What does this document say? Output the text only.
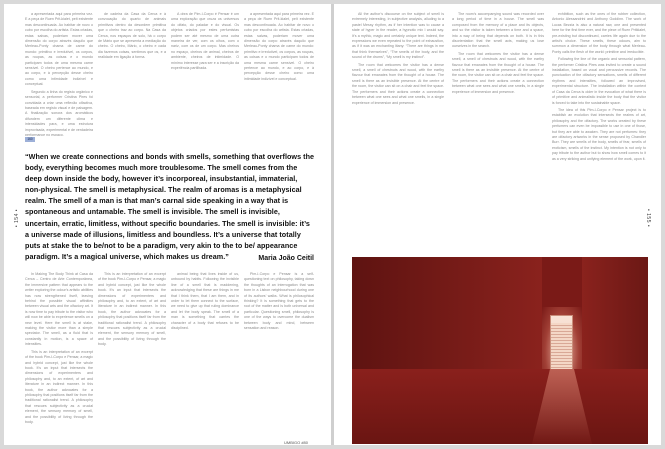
• 154 •

a apresentada aqui para primeira vez. E a peça de Ruen Prit-kialet, pelt existente mas descontinuada. Ao habitar de novo o cubo por escolha do artista. Estas criadas, estas salvas, poderiam mover uma dimensão do corpo através daquilo que Merleau-Ponty chama de carne do mundo: primitivo e irredutível, os corpos, as roupas, as coisas e o mundo participam todos de uma mesma carne sensível. O cheiro pertence ao mundo, e ao corpo, e à percepção desse cheiro como uma intimidade indizível e conceptual.

Segundo a linha do registo orgânico e sensorial, a performer Cristina Pires foi convidada a criar uma reflexão olfactiva, baseada em registo visual e de paisagem. A finalização sonora dos aromáticos difundem um diferente clima e intensidades para, e uma estrutura improvisada, experimental e de verdadeira performance no espaço.

de cadeira da Casa da Cerca e à convocação do quarto de animais primitivos dentro da desordem primitiva que o cheiro traz ao corpo. Na Casa da Cerca, nos espaços de solo, há o corpo de Mário que se apresenta a mediação do cheiro. O cheiro, Mário, o cheiro e cada dia fazemos coisas, sentimos que os, e a realidade em ligação à forma.

A obra de Pim-I-Corpo é Pensar é um uma exploração que cruza os universos do olfato, do paladar e do visual. Os objetos criados por estes perfumistas podem ser até mesmo de uma outra maneira de ver, com os olhos, com o nariz, com os de um corpo. Mas cheiros no espaço, cheiros de animal, cheiros de ambiente, cheiros de intimidade. O mínimo interesse para ser e a inscrição da experiência partilhada.

a apresentada aqui para primeira vez. E a peça de Ruen Prit-kialet, pelt existente mas descontinuada. Ao habitar de novo o cubo por escolha do artista. Estas criadas, estas salvas, poderiam mover uma dimensão do corpo através daquilo que Merleau-Ponty chama de carne do mundo: primitivo e irredutível, os corpos, as roupas, as coisas e o mundo participam todos de uma mesma carne sensível. O cheiro pertence ao mundo, e ao corpo, e à percepção desse cheiro como uma intimidade indizível e conceptual.

160
“When we create connections and bonds with smells, something that overflows the body, everything becomes much more troublesome. The smell comes from the deep down inside the body, however it’s incorporeal, insubstantial, immaterial, non-physical. The smell is metaphysical. The realm of aromas is a metaphysical realm. The smell of a man is that man’s carnal side speaking in a way that is spontaneous and untamable. The smell is invisible. The smell is invisible, uncertain, erratic, limitless, without specific boundaries. The smell is invisible: it’s a universe made of illusions, limitless and boundless. It’s a universe that totally puts at stake the to be/not to be a paradigm, very akin to the to be/ appearance paradigm. It’s a magical universe, which makes us dream.”	Maria João Ceitil

In Making The Body Think at Casa da Cerca – Centro de Arte Contemporânea, the immersive pattern that appears to the writer exploring the odour’s artistic abilities has now strengthened itself, leaving behind the possible visual affinities between visual arts and the olfactory art. It is now time to pay tribute to the visitor who will now be able to experience smells on a new level. Here the smell is at stake, making the visitor more than a simple spectator. The smell, as a fluid that is constantly in motion, is a space of intensities.

This is an interpretation of an excerpt of the book Pim-I-Corpo e Pensar, a magic and hybrid concept, just like the whole book. It’s an input that intersects the dimensions of experimenters and philosophy and, to an extent, of art and literature in an indirect manner. In this book, the author advocates for a philosophy that positions itself far from the traditional rationalist trend. A philosophy that rescues subjectivity as a crucial element, the sensory memory of smell, and the possibility of living through the body.

This is an interpretation of an excerpt of the book Pim-I-Corpo e Pensar, a magic and hybrid concept, just like the whole book. It’s an input that intersects the dimensions of experimenters and philosophy and, to an extent, of art and literature in an indirect manner. In this book, the author advocates for a philosophy that positions itself far from the traditional rationalist trend. A philosophy that rescues subjectivity as a crucial element, the sensory memory of smell, and the possibility of living through the body.

animal being that lives inside of us, unbound by habits. Following the invisible line of a smell that is maddening, acknowledging that these are things in me that I think them, that I am them, and in order to let them connect to the surface, we need to give up that ruling dominance and let the body speak. The smell of a man is something that carries the character of a body that refuses to be disciplined.

Pim-I-Corpo e Pensar is a self-questioning text on philosophy, taking down the thoughts of an interrogation that was born in a Lisbon neighbourhood during one of its authors’ walks. What is philosophical thinking? It is something that gets to the root of the matter and is both universal and particular. Questioning smell, philosophy is one of the ways to overcome the dualism between body and mind, between sensation and reason.

UMBIGO #80
• 155 •

All the author’s discourse on the subject of smell is extremely interesting, in subjective analysis, alluding to a pastel Messy rhythm, as if her intention was to cause a state of hyper in the reader, a hypnotic mix I would say. It’s a mythic, magic and certainly unique text. Indeed, the expressions we even repeated to the point of exhaustion, as if it was an enchanting litany: “There are things in me that think themselves”, “The smells of the body, and the sound of the drums”, “My smell is my instinct”.

The room that welcomes the visitor has a dense smell, a smell of chestnuts and wood, with the earthy flavour that emanates from the thought of a house. The smell is there as an invisible presence. At the centre of the room, the visitor can sit on a chair and feel the space. The performers and their actions create a connection between what one sees and what one smells, in a single experience of immersion and presence.

The room’s accompanying sound was recorded over a long period of time in a house. The smell was composed from the memory of a place and its objects, and so the visitor is taken between a time and a space, into a way of being that depends on both. It is in this disorientation that the smell acts, making us lose ourselves in the search.

The room that welcomes the visitor has a dense smell, a smell of chestnuts and wood, with the earthy flavour that emanates from the thought of a house. The smell is there as an invisible presence. At the centre of the room, the visitor can sit on a chair and feel the space. The performers and their actions create a connection between what one sees and what one smells, in a single experience of immersion and presence.

exhibition, such as the ones of the rubber collection, Antonio Alessandrini and Anthony Goddinn. The work of Lucas Bezzia is also a natural raw, one and presented here for the first time ever, and the piece of Ruen Pritkialet, pre-existing but discontinued, carries life again due to the artist’s choice. These smells, these odours, aim to summon a dimension of the body through what Merleau-Ponty calls the flesh of the world: primitive and irreducible.

Following the line of the organic and sensorial pattern, the performer Cristina Pires was invited to create a sound installation, based on vocal and percussive records. The punctuation of the olfactory sensations, smells of different rhythms and intensities, followed an improvised, experimental structure. The installation within the context of Casa da Cerca is older in the evocation of what there is of primitive and animalistic inside the body that the visitor is forced to take into the sustainable space.

The idea of this Pim-I-Corpo e Pensar project is to establish an evolution that intersects the realms of art, philosophy and the olfactory. The works created by these perfumers can even be impossible to use in one of those, but they are able to awaken. They are not perfumes: they are olfactory artworks in the sense proposed by Chandler Burr. They are smells of the body, smells of fear, smells of eroticism, smells of the instinct. My intention is not only to pay tribute to the author but to show how smell comes to it as a very striking and unifying element of the work, upon it.
